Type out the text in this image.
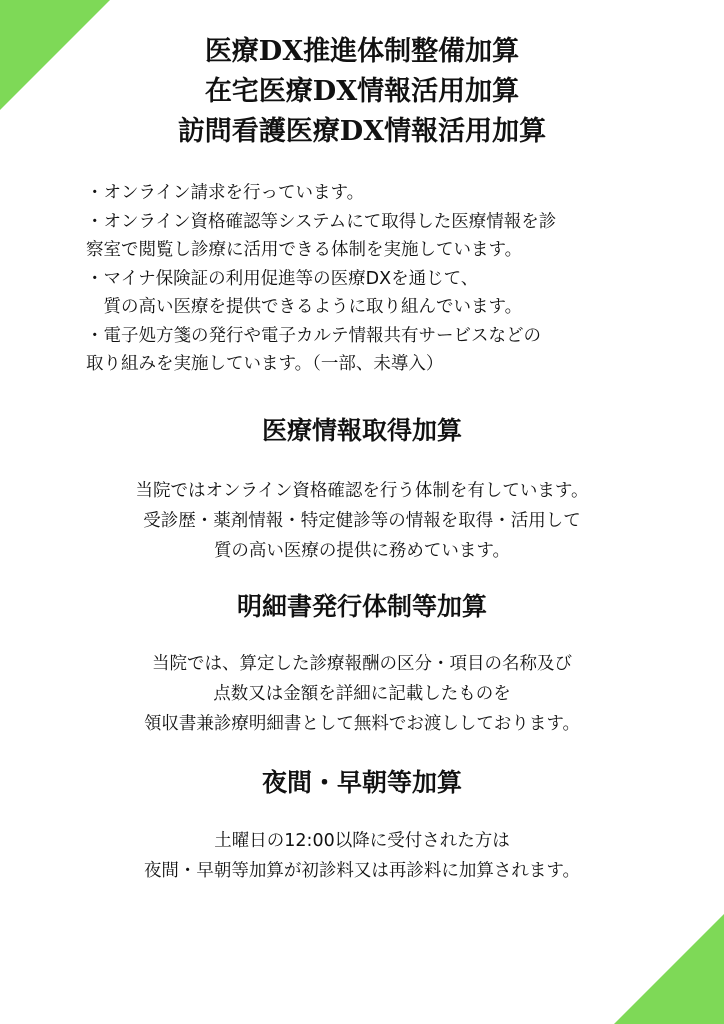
医療DX推進体制整備加算
在宅医療DX情報活用加算
訪問看護医療DX情報活用加算

・オンライン請求を行っています。

・オンライン資格確認等システムにて取得した医療情報を診

察室で閲覧し診療に活用できる体制を実施しています。

・マイナ保険証の利用促進等の医療DXを通じて、

　質の高い医療を提供できるように取り組んでいます。

・電子処方箋の発行や電子カルテ情報共有サービスなどの

取り組みを実施しています。（一部、未導入）

医療情報取得加算

当院ではオンライン資格確認を行う体制を有しています。

受診歴・薬剤情報・特定健診等の情報を取得・活用して

質の高い医療の提供に務めています。

明細書発行体制等加算

当院では、算定した診療報酬の区分・項目の名称及び

点数又は金額を詳細に記載したものを

領収書兼診療明細書として無料でお渡ししております。

夜間・早朝等加算

土曜日の12:00以降に受付された方は

夜間・早朝等加算が初診料又は再診料に加算されます。
